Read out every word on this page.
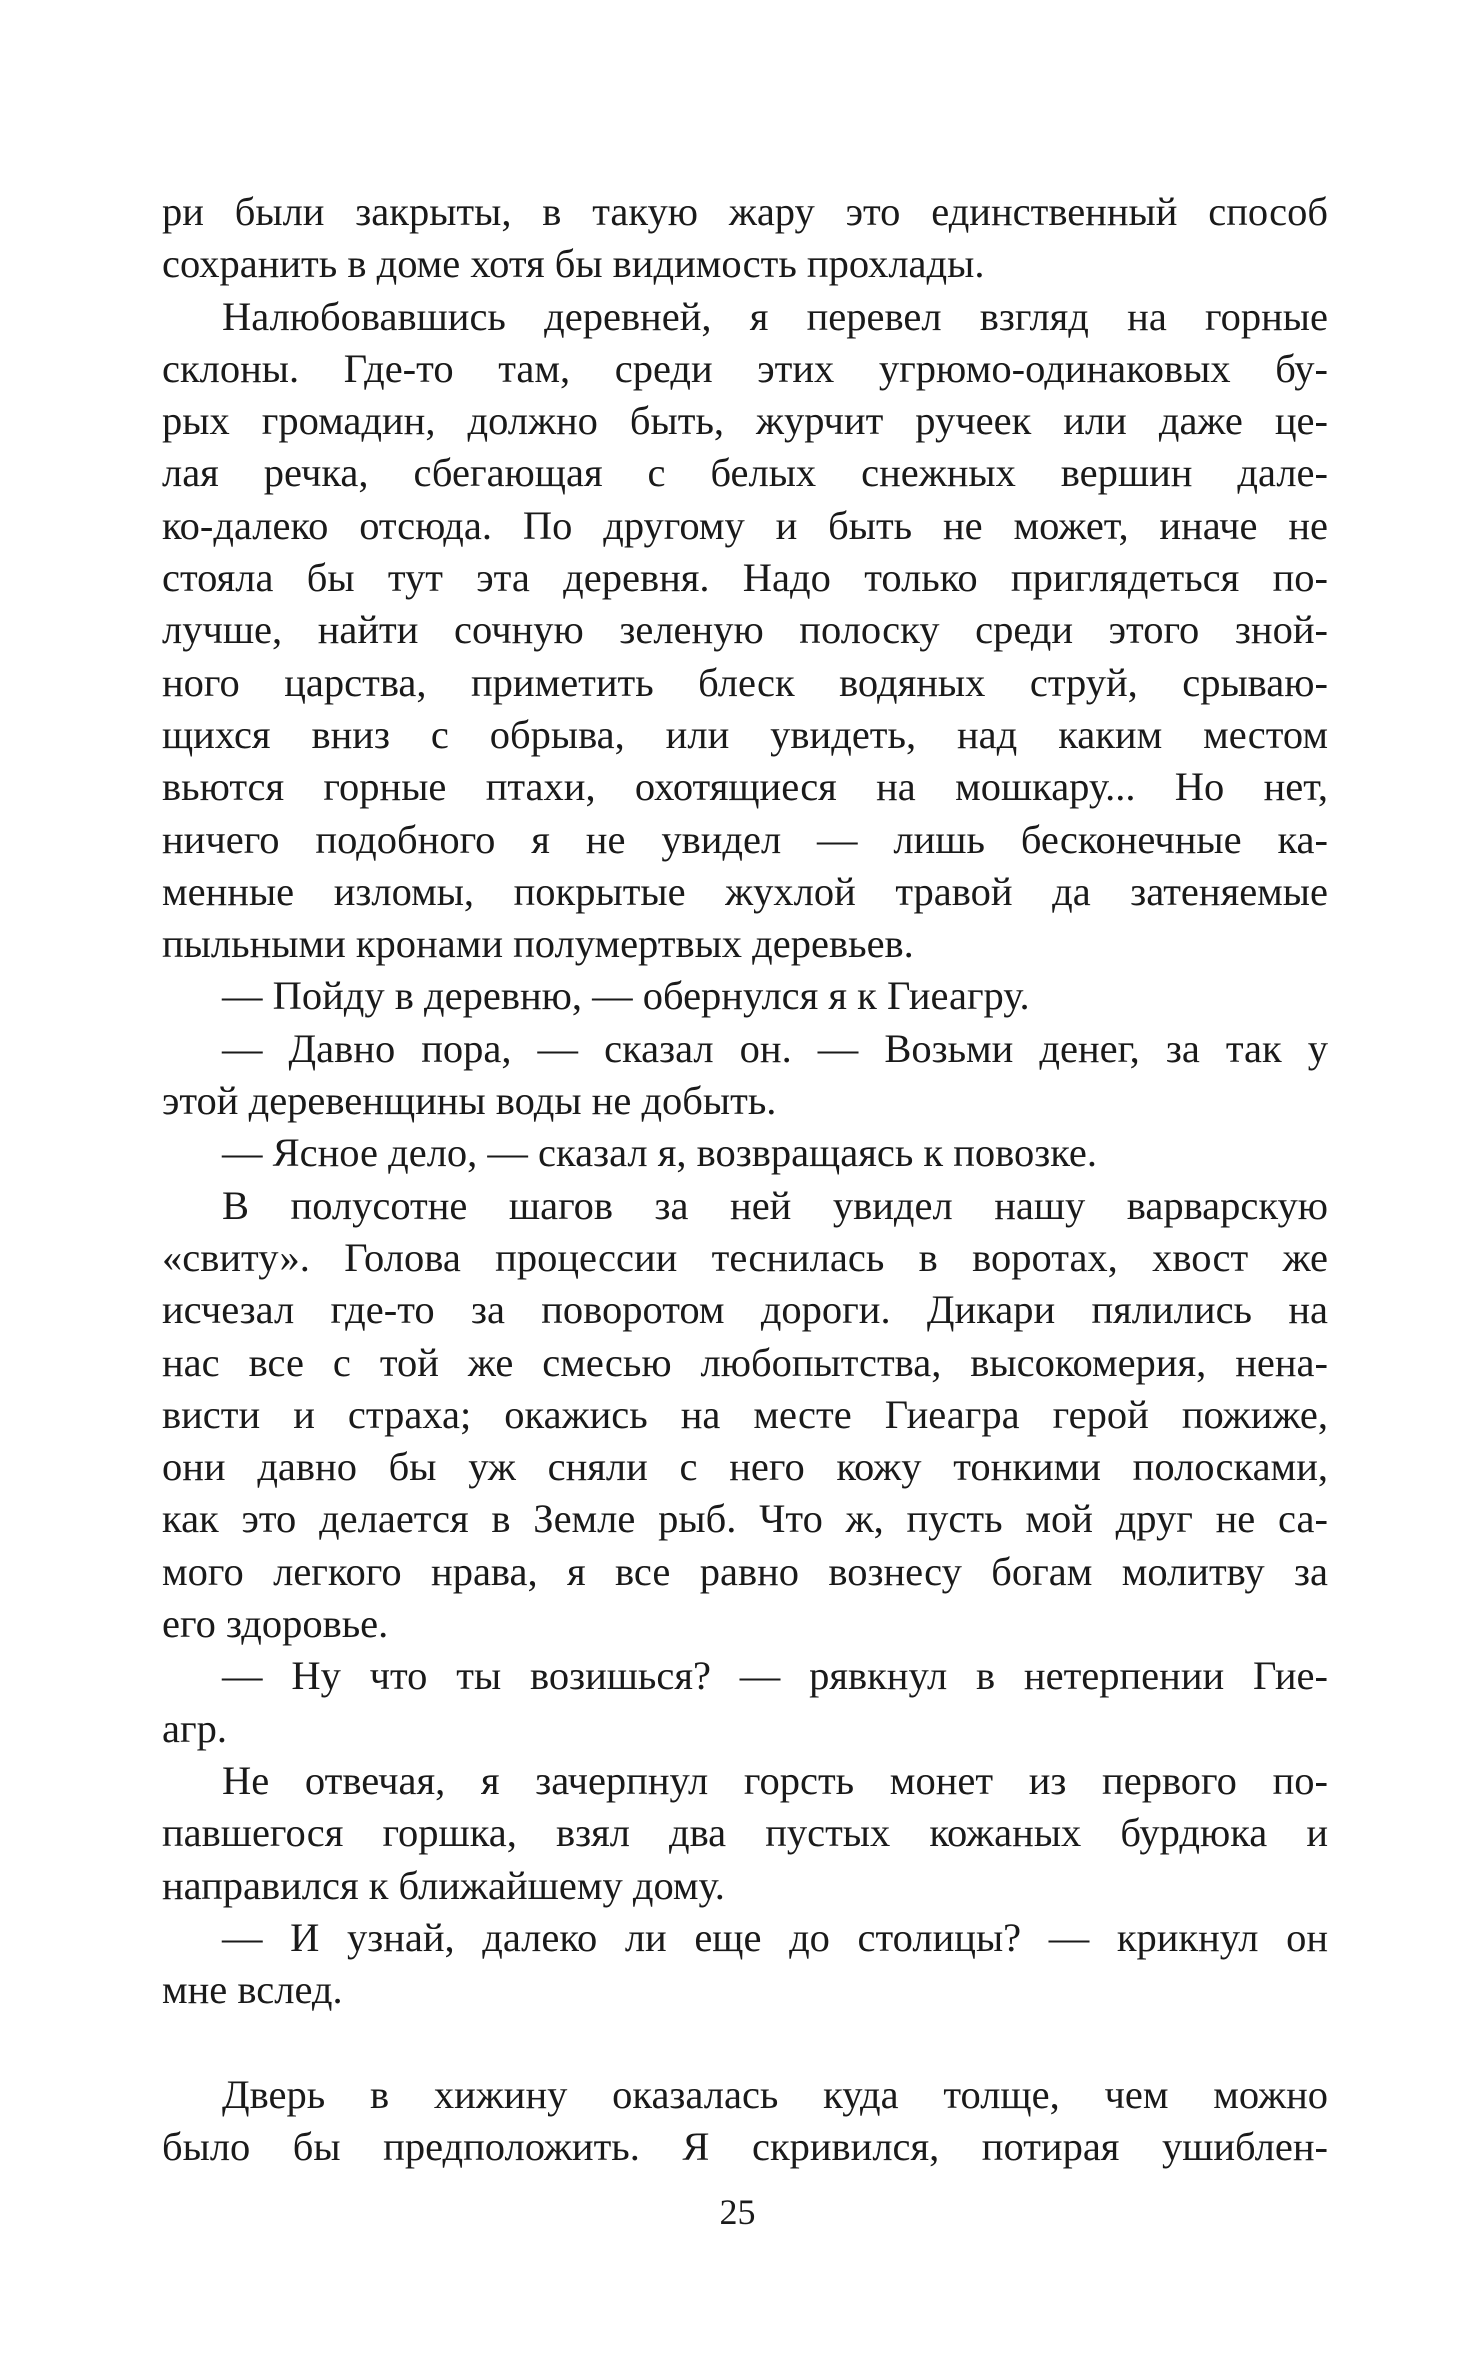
ри были закрыты, в такую жару это единственный способ
сохранить в доме хотя бы видимость прохлады.
Налюбовавшись деревней, я перевел взгляд на горные
склоны. Где-то там, среди этих угрюмо-одинаковых бу-
рых громадин, должно быть, журчит ручеек или даже це-
лая речка, сбегающая с белых снежных вершин дале-
ко-далеко отсюда. По другому и быть не может, иначе не
стояла бы тут эта деревня. Надо только приглядеться по-
лучше, найти сочную зеленую полоску среди этого зной-
ного царства, приметить блеск водяных струй, срываю-
щихся вниз с обрыва, или увидеть, над каким местом
вьются горные птахи, охотящиеся на мошкару... Но нет,
ничего подобного я не увидел — лишь бесконечные ка-
менные изломы, покрытые жухлой травой да затеняемые
пыльными кронами полумертвых деревьев.
— Пойду в деревню, — обернулся я к Гиеагру.
— Давно пора, — сказал он. — Возьми денег, за так у
этой деревенщины воды не добыть.
— Ясное дело, — сказал я, возвращаясь к повозке.
В полусотне шагов за ней увидел нашу варварскую
«свиту». Голова процессии теснилась в воротах, хвост же
исчезал где-то за поворотом дороги. Дикари пялились на
нас все с той же смесью любопытства, высокомерия, нена-
висти и страха; окажись на месте Гиеагра герой пожиже,
они давно бы уж сняли с него кожу тонкими полосками,
как это делается в Земле рыб. Что ж, пусть мой друг не са-
мого легкого нрава, я все равно вознесу богам молитву за
его здоровье.
— Ну что ты возишься? — рявкнул в нетерпении Гие-
агр.
Не отвечая, я зачерпнул горсть монет из первого по-
павшегося горшка, взял два пустых кожаных бурдюка и
направился к ближайшему дому.
— И узнай, далеко ли еще до столицы? — крикнул он
мне вслед.
Дверь в хижину оказалась куда толще, чем можно
было бы предположить. Я скривился, потирая ушиблен-
25
